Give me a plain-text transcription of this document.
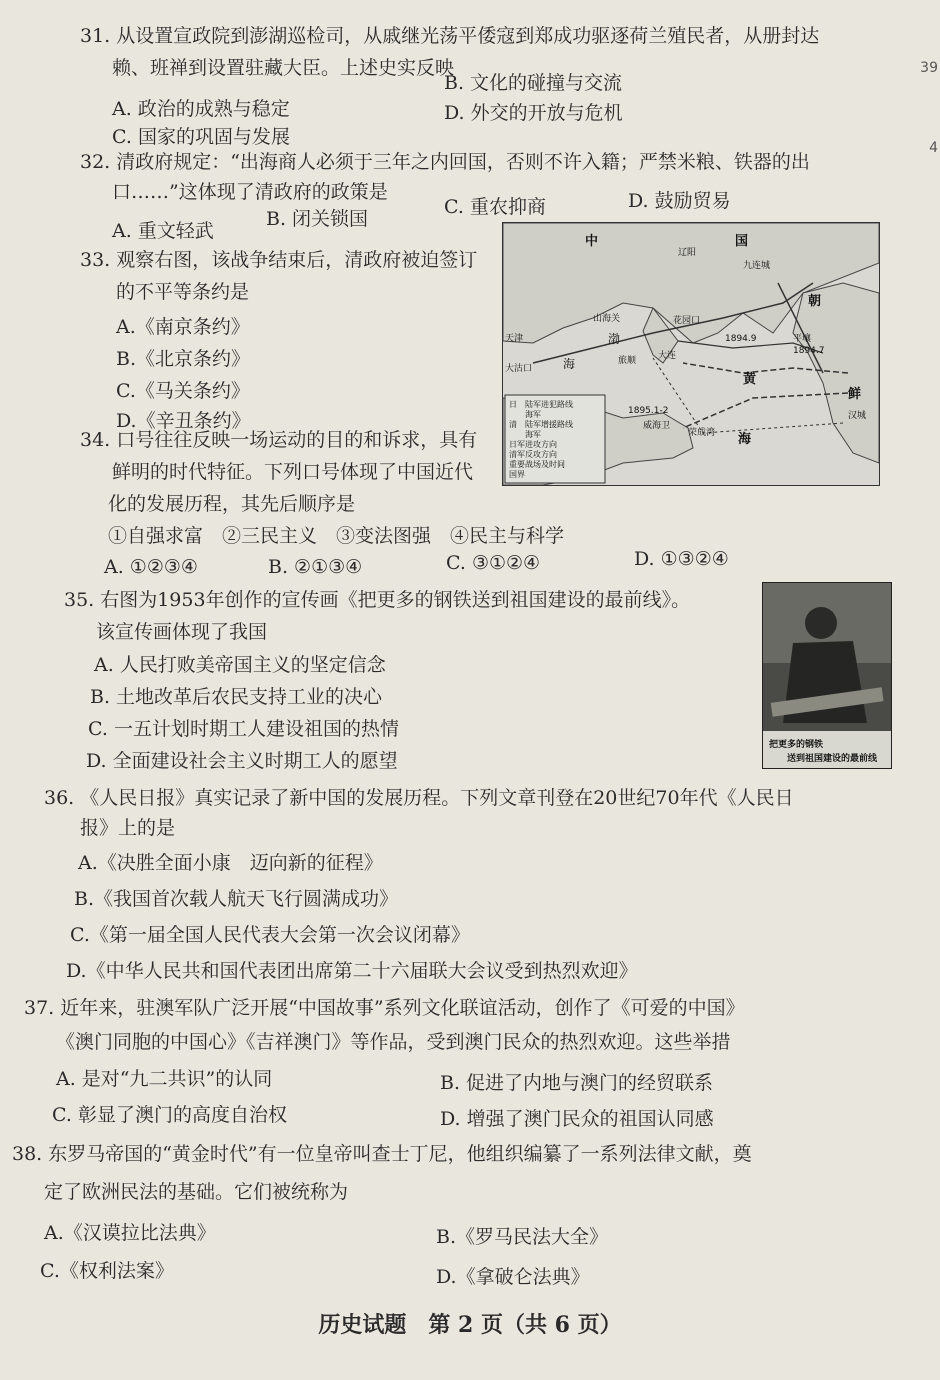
31. 从设置宣政院到澎湖巡检司，从戚继光荡平倭寇到郑成功驱逐荷兰殖民者，从册封达
赖、班禅到设置驻藏大臣。上述史实反映
A. 政治的成熟与稳定
B. 文化的碰撞与交流
C. 国家的巩固与发展
D. 外交的开放与危机
32. 清政府规定：“出海商人必须于三年之内回国，否则不许入籍；严禁米粮、铁器的出
口……”这体现了清政府的政策是
A. 重文轻武
B. 闭关锁国
C. 重农抑商	D. 鼓励贸易
33. 观察右图，该战争结束后，清政府被迫签订
的不平等条约是
A.《南京条约》
B.《北京条约》
C.《马关条约》
D.《辛丑条约》
中	国
朝
鲜
渤
海
黄
海
山海关	花园口
旅顺 大连
威海卫
荣成湾
九连城
汉城
平壤
大沽口
天津
辽阳
1894.9
1894.7
1895.1-2
日　陆军进犯路线
　　海军
清　陆军增援路线
　　海军
日军进攻方向
清军反攻方向
重要战场及时间
国界
34. 口号往往反映一场运动的目的和诉求，具有
鲜明的时代特征。下列口号体现了中国近代
化的发展历程，其先后顺序是
①自强求富　②三民主义　③变法图强　④民主与科学
A. ①②③④	B. ②①③④	C. ③①②④	D. ①③②④
35. 右图为1953年创作的宣传画《把更多的钢铁送到祖国建设的最前线》。
该宣传画体现了我国
A. 人民打败美帝国主义的坚定信念
B. 土地改革后农民支持工业的决心
C. 一五计划时期工人建设祖国的热情
D. 全面建设社会主义时期工人的愿望
把更多的钢铁
送到祖国建设的最前线
36. 《人民日报》真实记录了新中国的发展历程。下列文章刊登在20世纪70年代《人民日
报》上的是
A.《决胜全面小康　迈向新的征程》
B.《我国首次载人航天飞行圆满成功》
C.《第一届全国人民代表大会第一次会议闭幕》
D.《中华人民共和国代表团出席第二十六届联大会议受到热烈欢迎》
37. 近年来，驻澳军队广泛开展“中国故事”系列文化联谊活动，创作了《可爱的中国》
《澳门同胞的中国心》《吉祥澳门》等作品，受到澳门民众的热烈欢迎。这些举措
A. 是对“九二共识”的认同	B. 促进了内地与澳门的经贸联系
C. 彰显了澳门的高度自治权	D. 增强了澳门民众的祖国认同感
38. 东罗马帝国的“黄金时代”有一位皇帝叫查士丁尼，他组织编纂了一系列法律文献，奠
定了欧洲民法的基础。它们被统称为
A.《汉谟拉比法典》	B.《罗马民法大全》
C.《权利法案》	D.《拿破仑法典》
39
4
历史试题　第 2 页（共 6 页）
